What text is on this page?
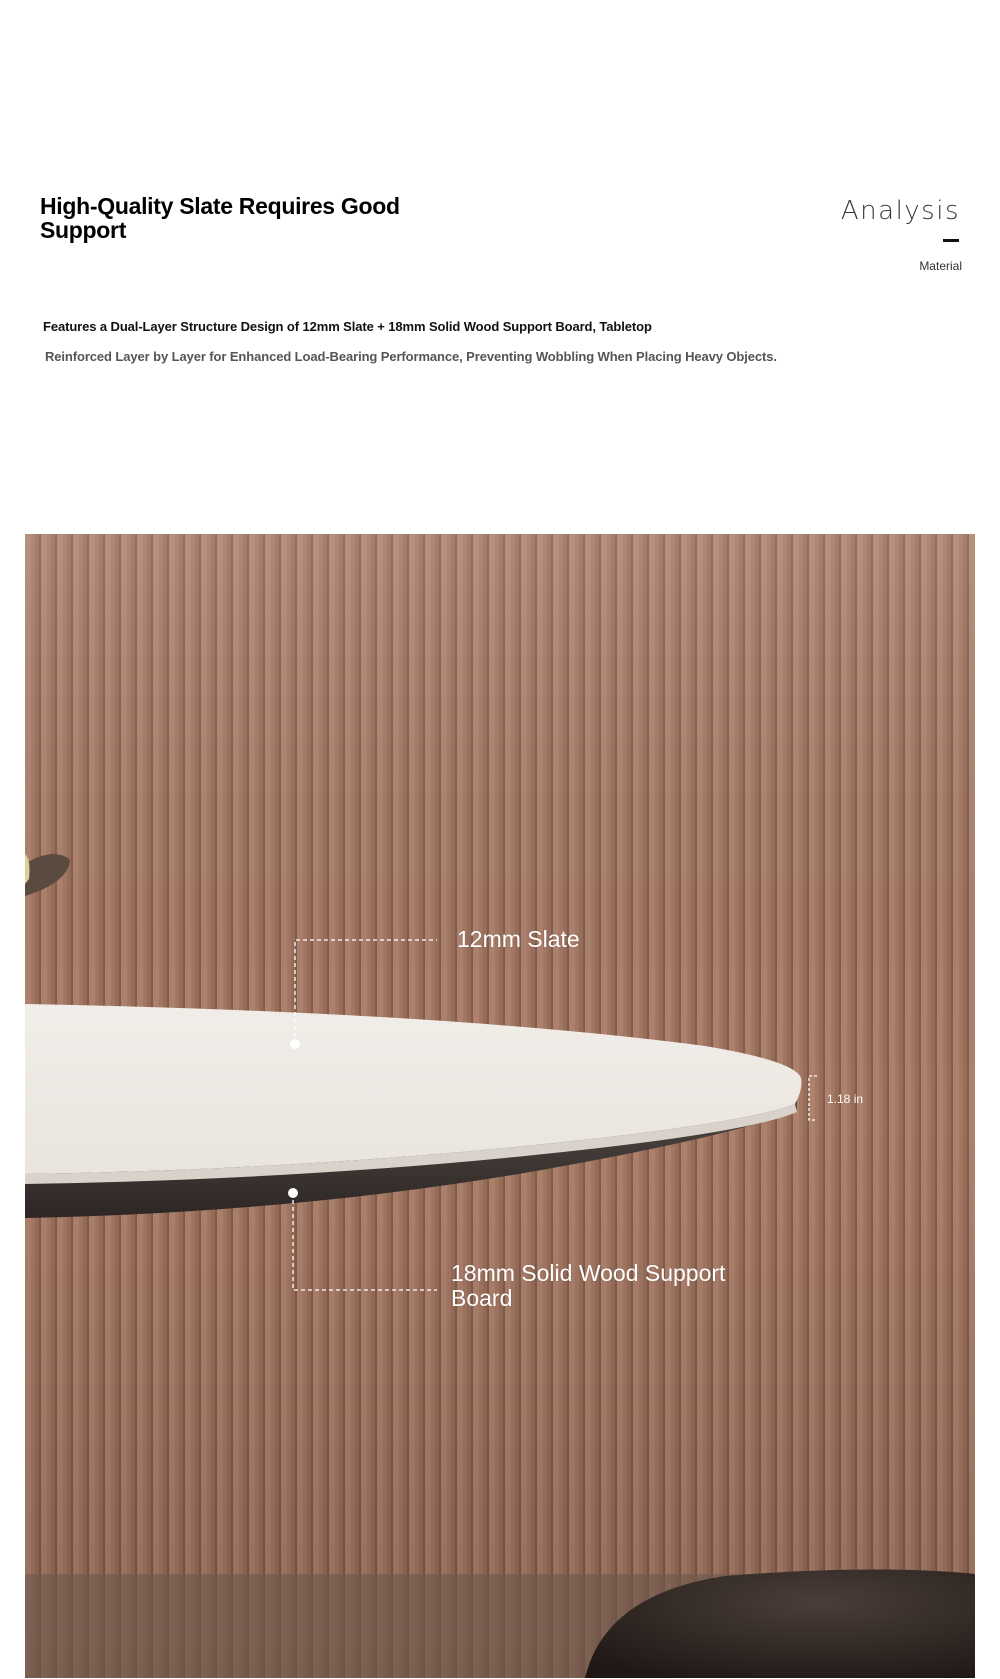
High-Quality Slate Requires Good Support
Analysis
Material
Features a Dual-Layer Structure Design of 12mm Slate + 18mm Solid Wood Support Board, Tabletop
Reinforced Layer by Layer for Enhanced Load-Bearing Performance, Preventing Wobbling When Placing Heavy Objects.
12mm Slate
18mm Solid Wood Support Board
1.18 in
